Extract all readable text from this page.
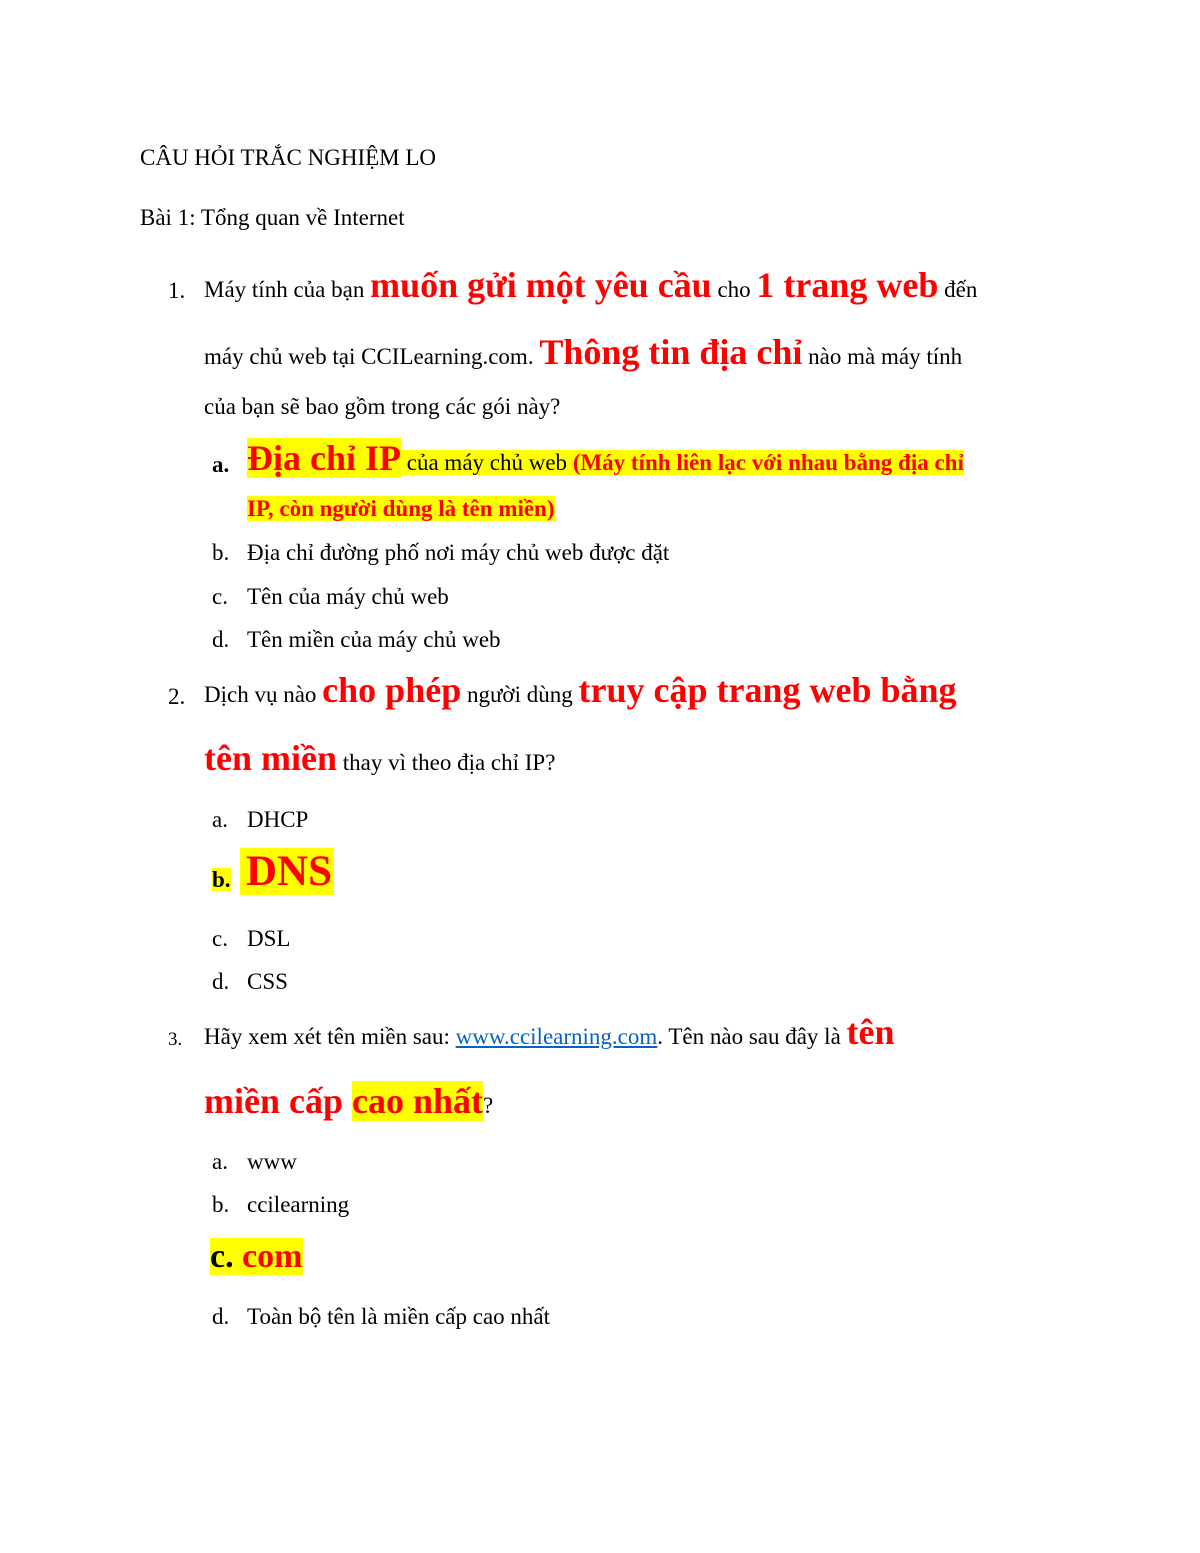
CÂU HỎI TRẮC NGHIỆM LO
Bài 1: Tổng quan về Internet
1. Máy tính của bạn muốn gửi một yêu cầu cho 1 trang web đến
máy chủ web tại CCILearning.com. Thông tin địa chỉ nào mà máy tính
của bạn sẽ bao gồm trong các gói này?
a. Địa chỉ IP của máy chủ web (Máy tính liên lạc với nhau bằng địa chỉ
IP, còn người dùng là tên miền)
b. Địa chỉ đường phố nơi máy chủ web được đặt
c. Tên của máy chủ web
d. Tên miền của máy chủ web
2. Dịch vụ nào cho phép người dùng truy cập trang web bằng
tên miền thay vì theo địa chỉ IP?
a. DHCP
b. DNS
c. DSL
d. CSS
3. Hãy xem xét tên miền sau: www.ccilearning.com. Tên nào sau đây là tên
miền cấp cao nhất?
a. www
b. ccilearning
c. com
d. Toàn bộ tên là miền cấp cao nhất
